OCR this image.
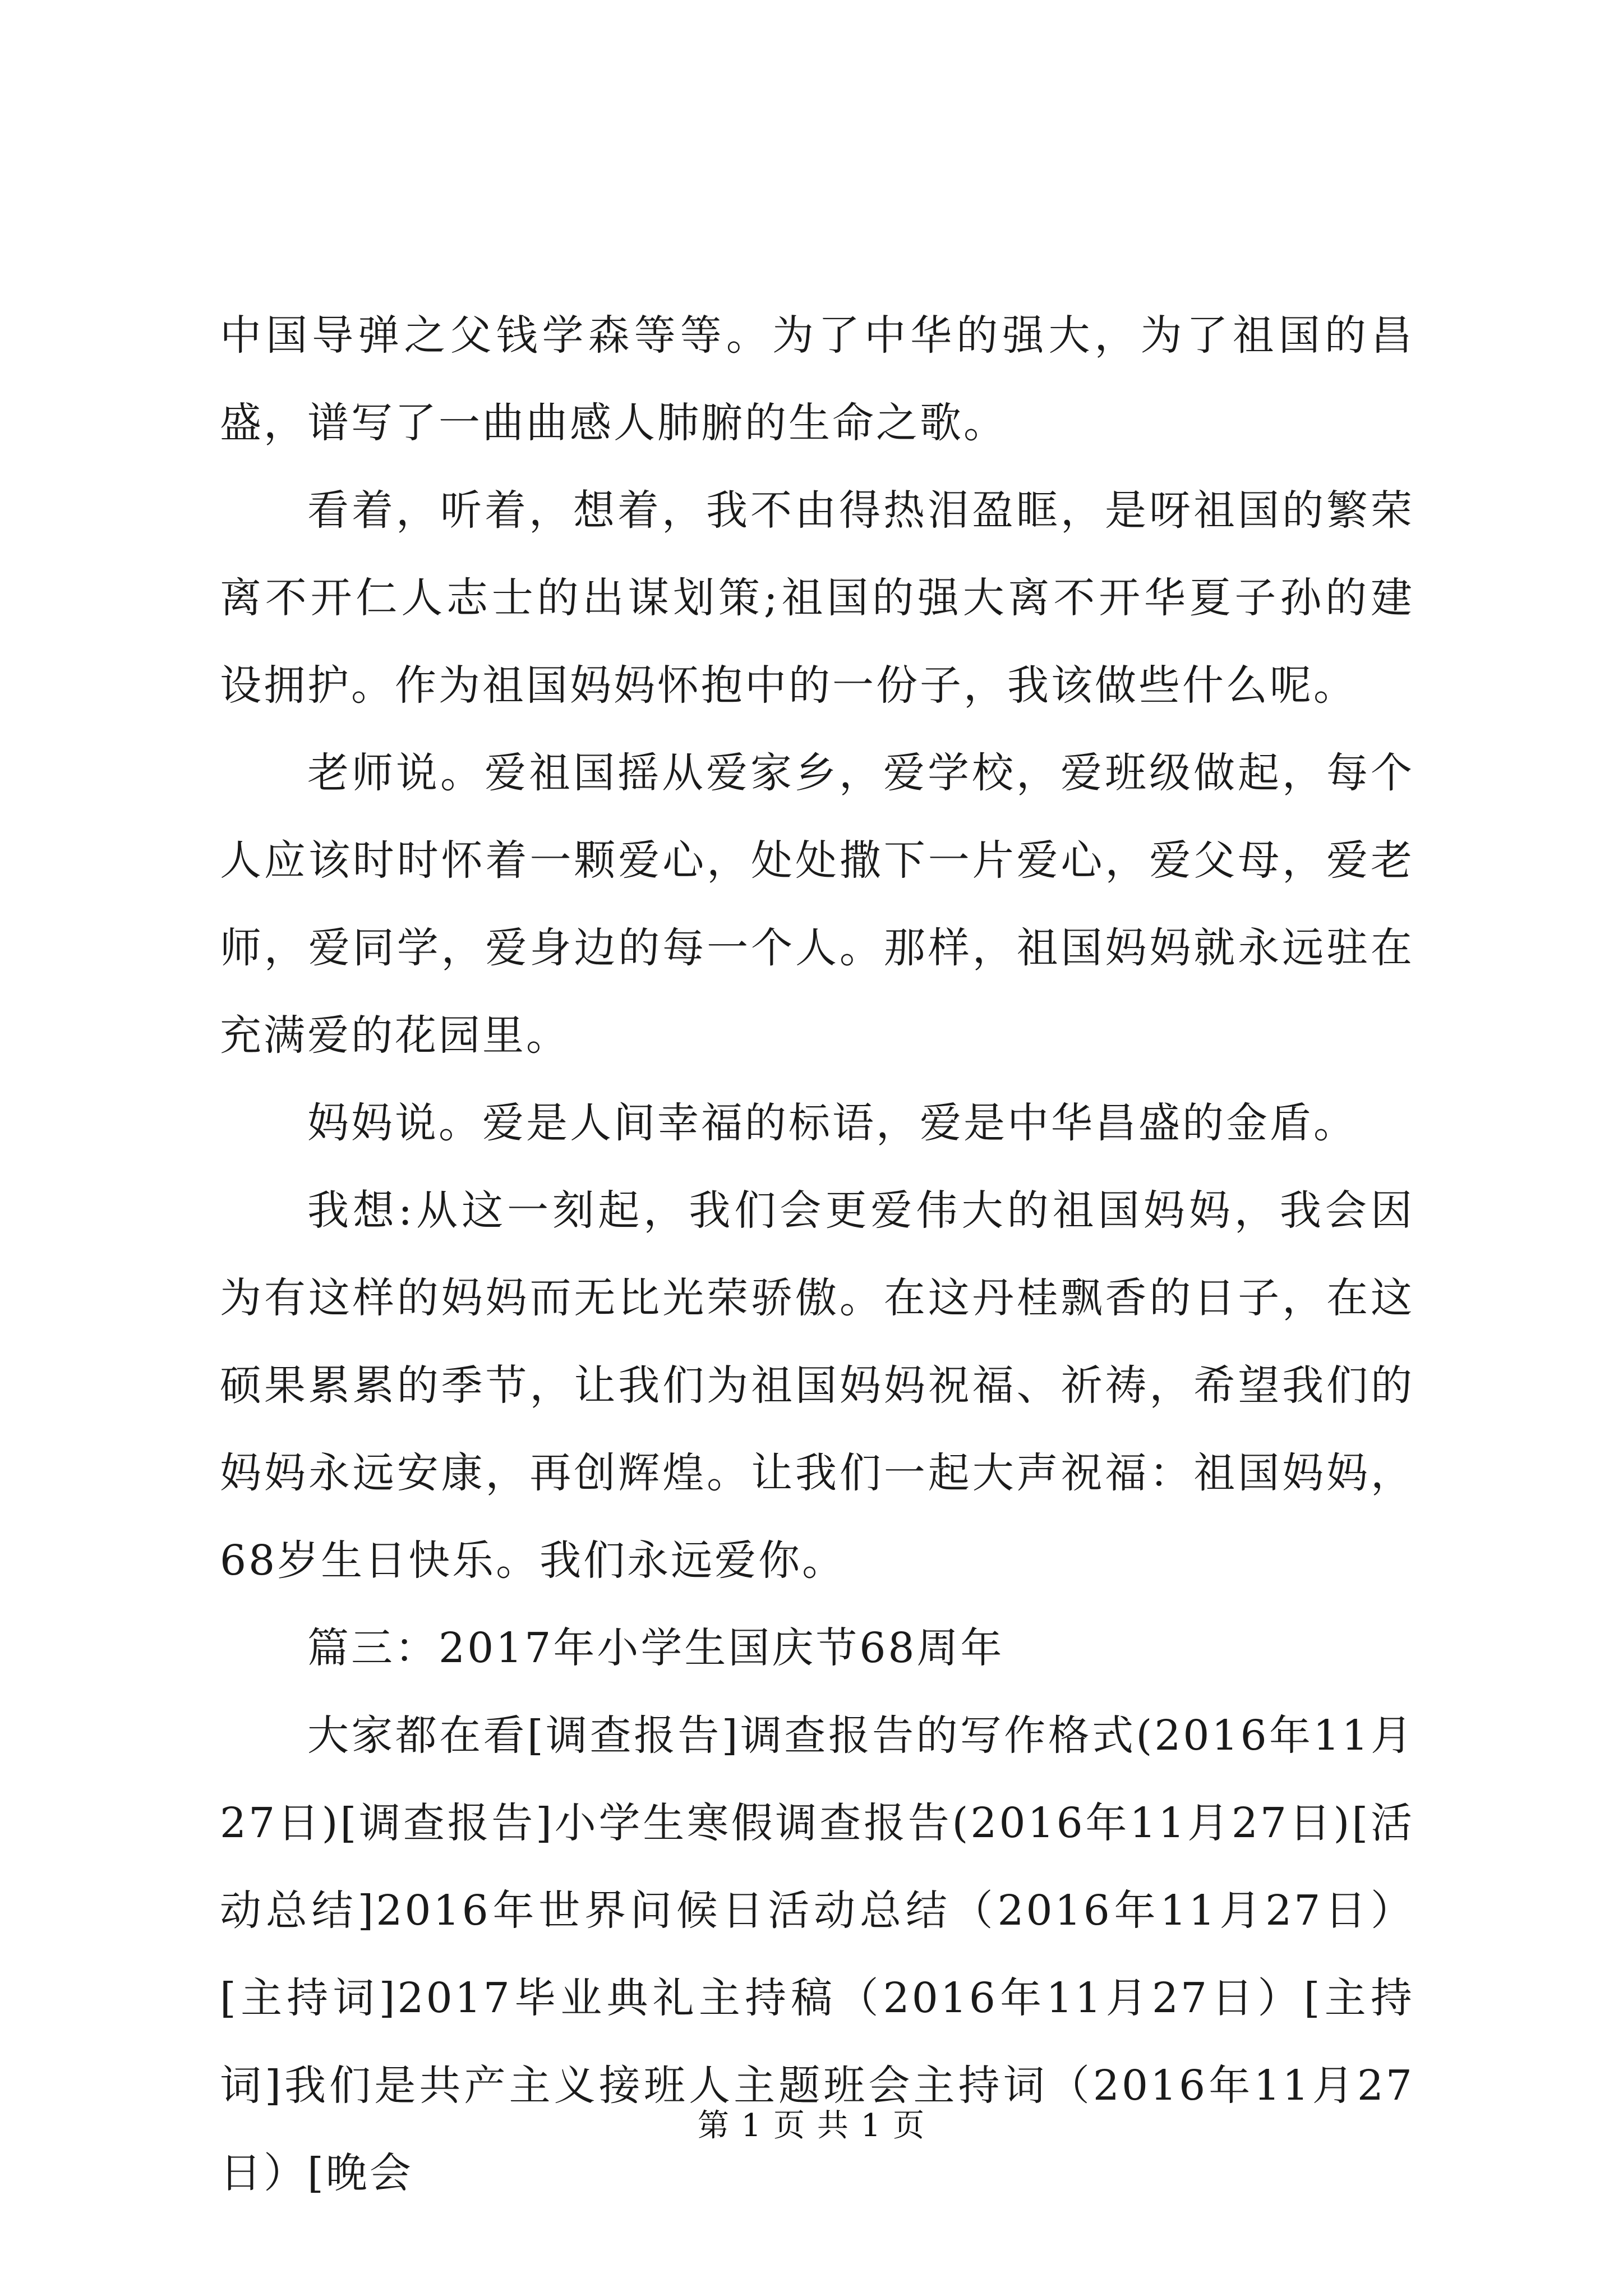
中国导弹之父钱学森等等。为了中华的强大，为了祖国的昌盛，谱写了一曲曲感人肺腑的生命之歌。

看着，听着，想着，我不由得热泪盈眶，是呀祖国的繁荣离不开仁人志士的出谋划策;祖国的强大离不开华夏子孙的建设拥护。作为祖国妈妈怀抱中的一份子，我该做些什么呢。

老师说。爱祖国摇从爱家乡，爱学校，爱班级做起，每个人应该时时怀着一颗爱心，处处撒下一片爱心，爱父母，爱老师，爱同学，爱身边的每一个人。那样，祖国妈妈就永远驻在充满爱的花园里。

妈妈说。爱是人间幸福的标语，爱是中华昌盛的金盾。

我想:从这一刻起，我们会更爱伟大的祖国妈妈，我会因为有这样的妈妈而无比光荣骄傲。在这丹桂飘香的日子，在这硕果累累的季节，让我们为祖国妈妈祝福、祈祷，希望我们的妈妈永远安康，再创辉煌。让我们一起大声祝福：祖国妈妈，68岁生日快乐。我们永远爱你。

篇三：2017年小学生国庆节68周年

大家都在看[调查报告]调查报告的写作格式(2016年11月27日)[调查报告]小学生寒假调查报告(2016年11月27日)[活动总结]2016年世界问候日活动总结（2016年11月27日）[主持词]2017毕业典礼主持稿（2016年11月27日）[主持词]我们是共产主义接班人主题班会主持词（2016年11月27日）[晚会

第 1 页 共 1 页
